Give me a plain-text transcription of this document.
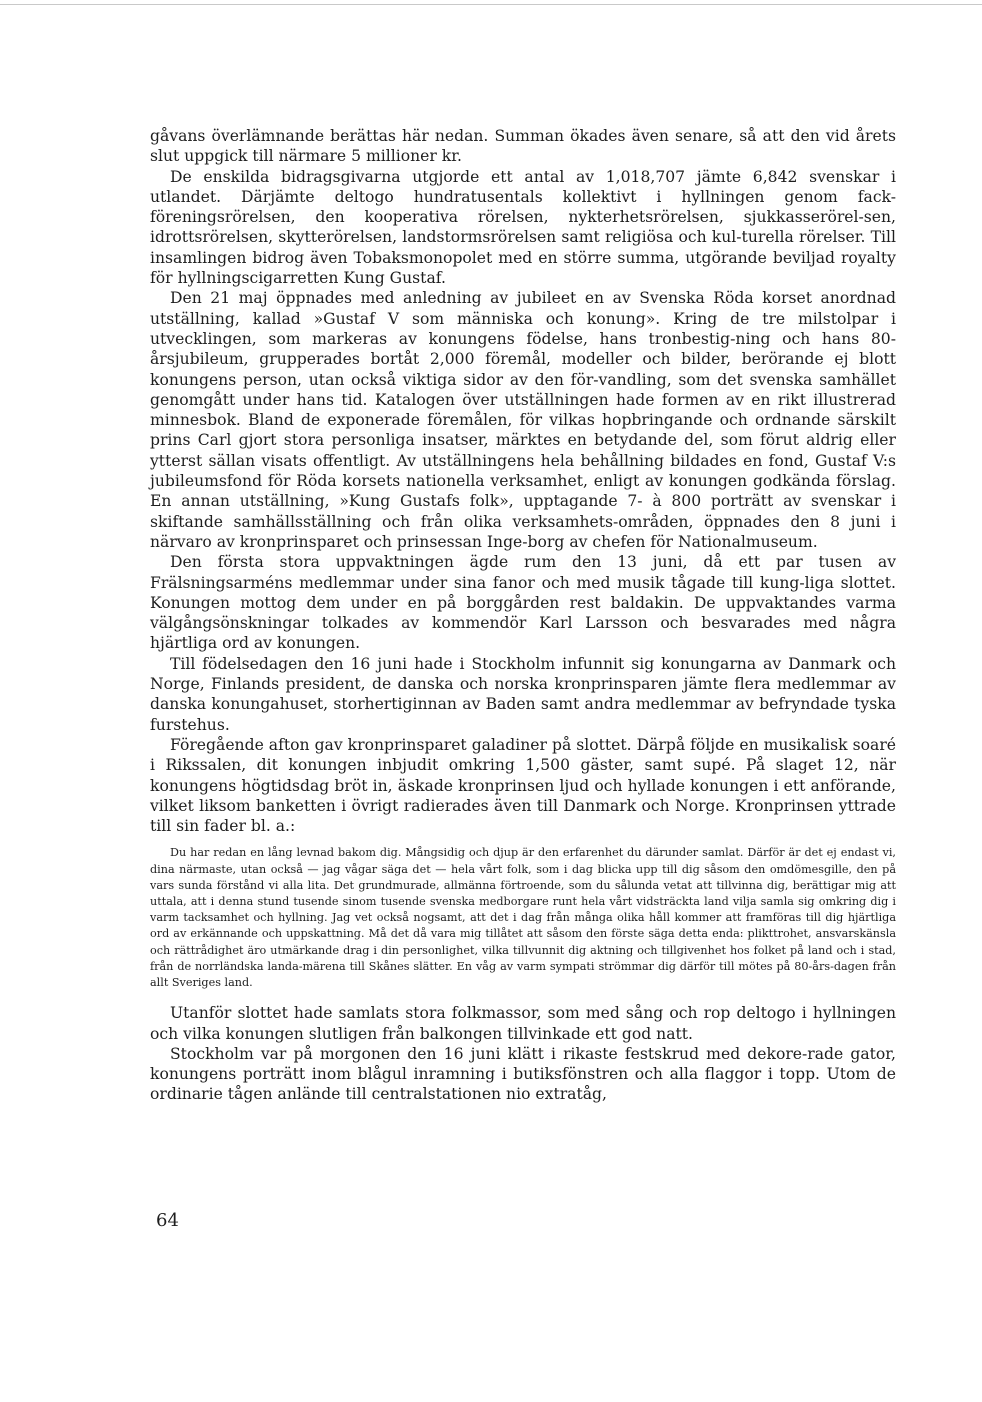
gåvans överlämnande berättas här nedan. Summan ökades även senare, så att den vid årets slut uppgick till närmare 5 millioner kr.

De enskilda bidragsgivarna utgjorde ett antal av 1,018,707 jämte 6,842 svenskar i utlandet. Därjämte deltogo hundratusentals kollektivt i hyllningen genom fack-föreningsrörelsen, den kooperativa rörelsen, nykterhetsrörelsen, sjukkasserörel-sen, idrottsrörelsen, skytterörelsen, landstormsrörelsen samt religiösa och kul-turella rörelser. Till insamlingen bidrog även Tobaksmonopolet med en större summa, utgörande beviljad royalty för hyllningscigarretten Kung Gustaf.

Den 21 maj öppnades med anledning av jubileet en av Svenska Röda korset anordnad utställning, kallad »Gustaf V som människa och konung». Kring de tre milstolpar i utvecklingen, som markeras av konungens födelse, hans tronbestig-ning och hans 80-årsjubileum, grupperades bortåt 2,000 föremål, modeller och bilder, berörande ej blott konungens person, utan också viktiga sidor av den för-vandling, som det svenska samhället genomgått under hans tid. Katalogen över utställningen hade formen av en rikt illustrerad minnesbok. Bland de exponerade föremålen, för vilkas hopbringande och ordnande särskilt prins Carl gjort stora personliga insatser, märktes en betydande del, som förut aldrig eller ytterst sällan visats offentligt. Av utställningens hela behållning bildades en fond, Gustaf V:s jubileumsfond för Röda korsets nationella verksamhet, enligt av konungen godkända förslag. En annan utställning, »Kung Gustafs folk», upptagande 7- à 800 porträtt av svenskar i skiftande samhällsställning och från olika verksamhets-områden, öppnades den 8 juni i närvaro av kronprinsparet och prinsessan Inge-borg av chefen för Nationalmuseum.

Den första stora uppvaktningen ägde rum den 13 juni, då ett par tusen av Frälsningsarméns medlemmar under sina fanor och med musik tågade till kung-liga slottet. Konungen mottog dem under en på borggården rest baldakin. De uppvaktandes varma välgångsönskningar tolkades av kommendör Karl Larsson och besvarades med några hjärtliga ord av konungen.

Till födelsedagen den 16 juni hade i Stockholm infunnit sig konungarna av Danmark och Norge, Finlands president, de danska och norska kronprinsparen jämte flera medlemmar av danska konungahuset, storhertiginnan av Baden samt andra medlemmar av befryndade tyska furstehus.

Föregående afton gav kronprinsparet galadiner på slottet. Därpå följde en musikalisk soaré i Rikssalen, dit konungen inbjudit omkring 1,500 gäster, samt supé. På slaget 12, när konungens högtidsdag bröt in, äskade kronprinsen ljud och hyllade konungen i ett anförande, vilket liksom banketten i övrigt radierades även till Danmark och Norge. Kronprinsen yttrade till sin fader bl. a.:

Du har redan en lång levnad bakom dig. Mångsidig och djup är den erfarenhet du därunder samlat. Därför är det ej endast vi, dina närmaste, utan också — jag vågar säga det — hela vårt folk, som i dag blicka upp till dig såsom den omdömesgille, den på vars sunda förstånd vi alla lita. Det grundmurade, allmänna förtroende, som du sålunda vetat att tillvinna dig, berättigar mig att uttala, att i denna stund tusende sinom tusende svenska medborgare runt hela vårt vidsträckta land vilja samla sig omkring dig i varm tacksamhet och hyllning. Jag vet också nogsamt, att det i dag från många olika håll kommer att framföras till dig hjärtliga ord av erkännande och uppskattning. Må det då vara mig tillåtet att såsom den förste säga detta enda: plikttrohet, ansvarskänsla och rättrådighet äro utmärkande drag i din personlighet, vilka tillvunnit dig aktning och tillgivenhet hos folket på land och i stad, från de norrländska landa-märena till Skånes slätter. En våg av varm sympati strömmar dig därför till mötes på 80-års-dagen från allt Sveriges land.

Utanför slottet hade samlats stora folkmassor, som med sång och rop deltogo i hyllningen och vilka konungen slutligen från balkongen tillvinkade ett god natt.

Stockholm var på morgonen den 16 juni klätt i rikaste festskrud med dekore-rade gator, konungens porträtt inom blågul inramning i butiksfönstren och alla flaggor i topp. Utom de ordinarie tågen anlände till centralstationen nio extratåg,

64
